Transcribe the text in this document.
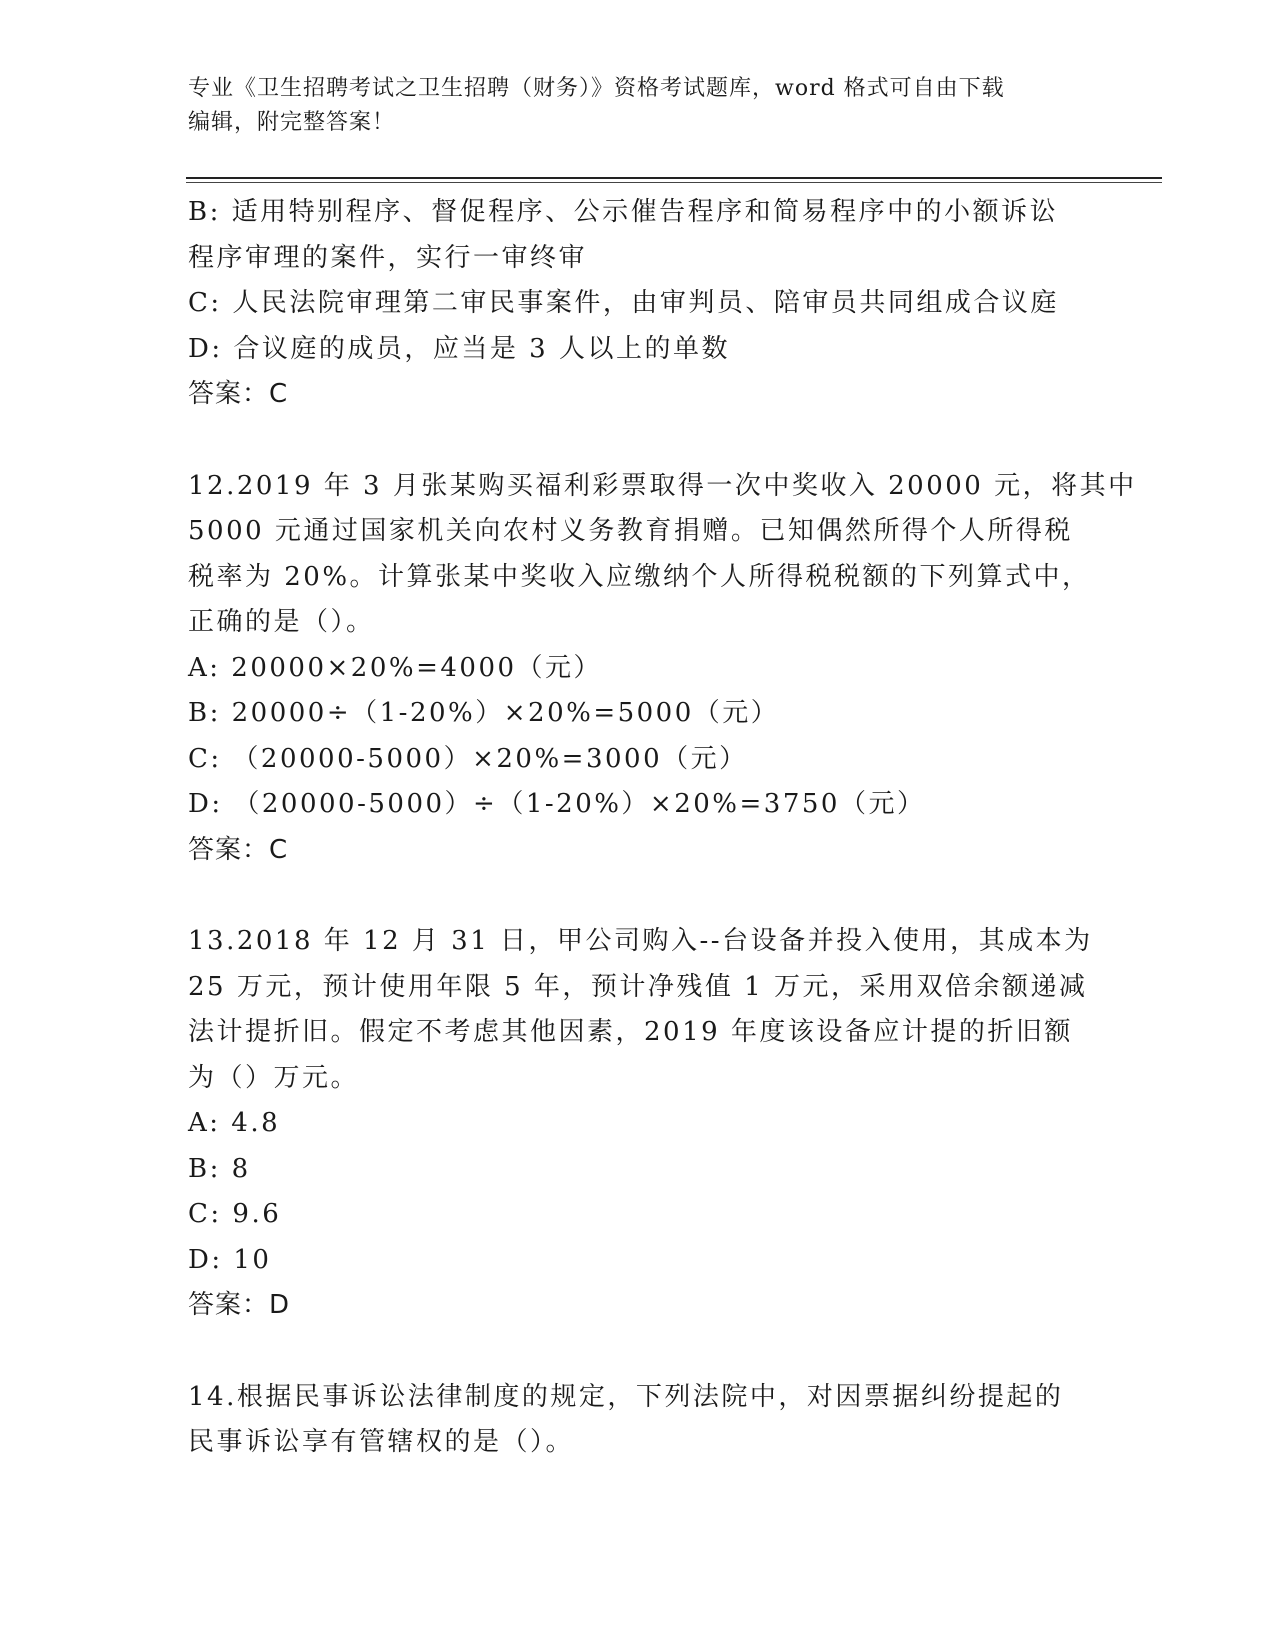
专业《卫生招聘考试之卫生招聘（财务）》资格考试题库，word 格式可自由下载
编辑，附完整答案！
B: 适用特别程序、督促程序、公示催告程序和简易程序中的小额诉讼
程序审理的案件，实行一审终审
C: 人民法院审理第二审民事案件，由审判员、陪审员共同组成合议庭
D: 合议庭的成员，应当是 3 人以上的单数
答案：C
12.2019 年 3 月张某购买福利彩票取得一次中奖收入 20000 元，将其中
5000 元通过国家机关向农村义务教育捐赠。已知偶然所得个人所得税
税率为 20%。计算张某中奖收入应缴纳个人所得税税额的下列算式中，
正确的是（）。
A: 20000×20%=4000（元）
B: 20000÷（1-20%）×20%=5000（元）
C: （20000-5000）×20%=3000（元）
D: （20000-5000）÷（1-20%）×20%=3750（元）
答案：C
13.2018 年 12 月 31 日，甲公司购入--台设备并投入使用，其成本为
25 万元，预计使用年限 5 年，预计净残值 1 万元，采用双倍余额递减
法计提折旧。假定不考虑其他因素，2019 年度该设备应计提的折旧额
为（）万元。
A: 4.8
B: 8
C: 9.6
D: 10
答案：D
14.根据民事诉讼法律制度的规定，下列法院中，对因票据纠纷提起的
民事诉讼享有管辖权的是（）。
